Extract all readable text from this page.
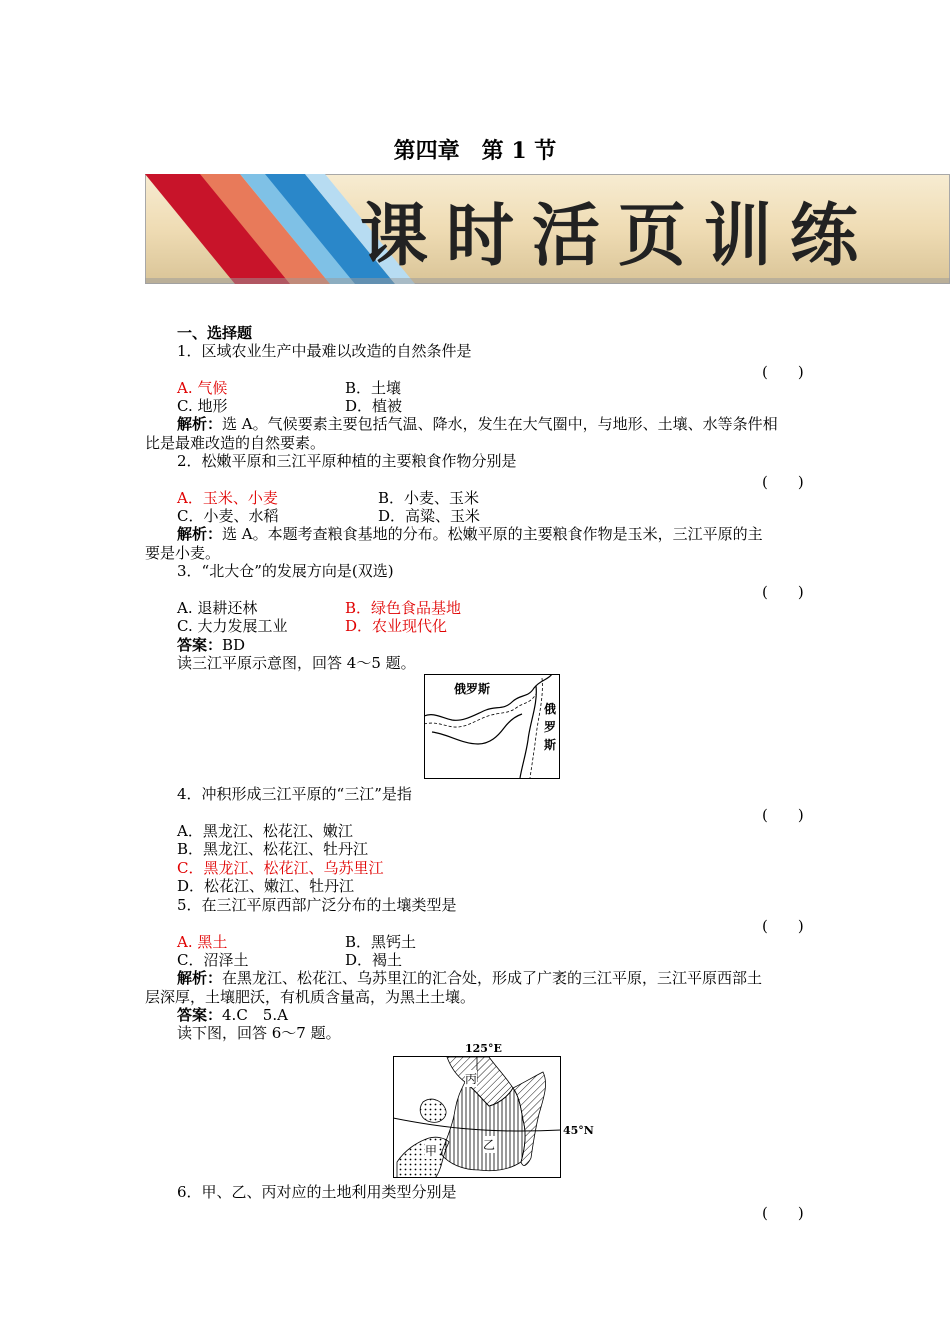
第四章　第 1 节
课时活页训练
一、选择题
1．区域农业生产中最难以改造的自然条件是
(　　)
A. 气候	B．土壤
C. 地形	D．植被
解析：选 A。气候要素主要包括气温、降水，发生在大气圈中，与地形、土壤、水等条件相
比是最难改造的自然要素。
2．松嫩平原和三江平原种植的主要粮食作物分别是
(　　)
A．玉米、小麦	B．小麦、玉米
C．小麦、水稻	D．高粱、玉米
解析：选 A。本题考查粮食基地的分布。松嫩平原的主要粮食作物是玉米，三江平原的主
要是小麦。
3．“北大仓”的发展方向是(双选)
(　　)
A. 退耕还林	B．绿色食品基地
C. 大力发展工业	D．农业现代化
答案：BD
读三江平原示意图，回答 4～5 题。
俄罗斯
俄
罗
斯
4．冲积形成三江平原的“三江”是指
(　　)
A．黑龙江、松花江、嫩江
B．黑龙江、松花江、牡丹江
C．黑龙江、松花江、乌苏里江
D．松花江、嫩江、牡丹江
5．在三江平原西部广泛分布的土壤类型是
(　　)
A. 黑土	B．黑钙土
C．沼泽土	D．褐土
解析：在黑龙江、松花江、乌苏里江的汇合处，形成了广袤的三江平原，三江平原西部土
层深厚，土壤肥沃，有机质含量高，为黑土土壤。
答案：4.C　5.A
读下图，回答 6～7 题。
125°E
45°N
甲	乙
丙
6．甲、乙、丙对应的土地利用类型分别是
(　　)
